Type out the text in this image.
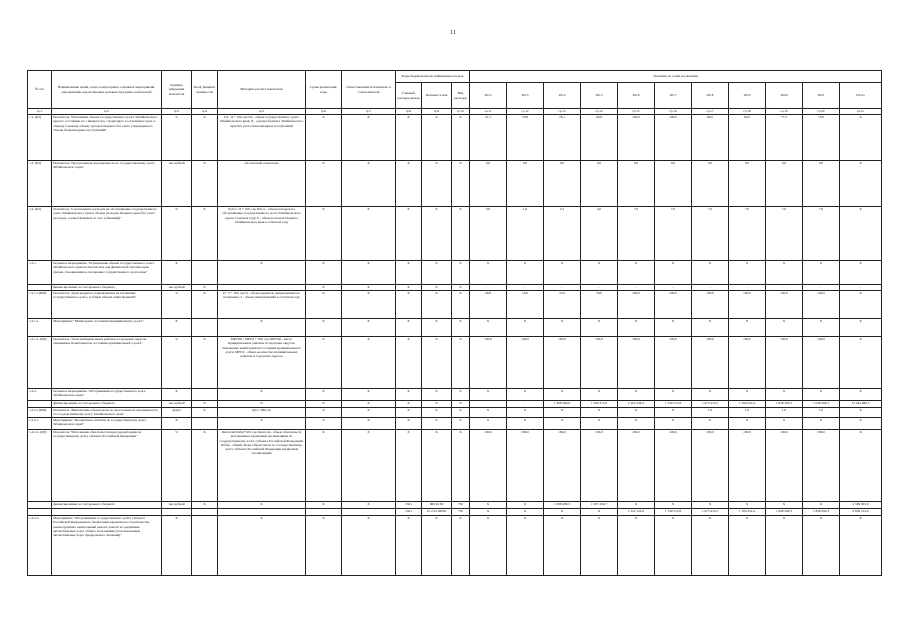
11
№ п/п	Наименование целей, задач, подпрограмм, основных мероприятий, мероприятий, ведомственных целевых программ, показателей	Единица измерения показателя	Коэф. фициент значимости	Методика расчета показателя	Сроки реализации, годы	Ответственный исполнитель и соисполнители	Коды бюджетной классификации расходов			Значения по годам реализации										
							Главный распоря-дитель	Целевая статья	Вид расходов	2012	2013	2014	2015	2016	2017	2018	2019	2020	2021	Итого
гр.1	гр.2	гр.3	гр.4	гр.5	гр.6	гр.7	гр.8	гр.9	гр.10	гр.11	гр.12	гр.13	гр.14	гр.15	гр.16	гр.17	гр.18	гр.19	гр.20	гр.21
1.1-1(П)	Показатель "Отношение объема государственного долга Забайкальского края по состоянию на 1 января года, следующего за отчетным годом, к общему годовому объему доходов бюджета без учета утвержденного объема безвозмездных поступлений"	%	Х	ГД / Д * 100, где ГД - объем государственного долга Забайкальского края; Д - доходы бюджета Забайкальского края без учета безвозмездных поступлений	Х	Х	Х	Х	Х	47,1	70,8	76,1	90,9	100,0	100,0	80,0	64,0	77,3	75,0	Х
1.2-1(П)	Показатель "Просроченная задолженность по государственному долгу Забайкальского края"	тыс.рублей	Х	абсолютный показатель	Х	Х	Х	Х	Х	0,0	0,0	0,0	0,0	0,0	0,0	0,0	0,0	0,0	0,0	Х
1.2-1(П)	Показатель "Соотношение расходов на обслуживание государственного долга Забайкальского края к объему расходов бюджета края (без учета расходов, осуществляемых за счет субвенций)"	%	Х	Робсл / Р * 100, где Робсл - объем расходов на обслуживание государственного долга Забайкальского края в отчетном году; Р - объем расходов бюджета Забайкальского края в отчетном году	Х	Х	Х	Х	Х	0,9	1,6	2,3	4,0	7,0	7,0	7,0	7,0	7,0	7,0	Х
1.2.1.	Основное мероприятие "Ограничение объема государственного долга Забайкальского края на безопасном для финансовой системы края уровне. Своевременное погашение государственного долга края"	Х		Х	Х	Х	Х	Х	Х	Х	Х	Х	Х	Х	Х	Х	Х	Х	Х	Х
	финансирование за счет краевого бюджета	тыс.рублей	Х		Х	Х	Х	Х	Х	-	-	-	-	-	-	-	-	-	-	-
1.2.1-1(ПМ)	Показатель "Доля кредитов, направленных на погашение государственного долга, в общем объеме заимствований"	%	Х	П / З * 100, где П - объем кредитов, направленных на погашение; З - объем заимствований в отчетном году	Х	Х	Х	Х	Х	40,8	16,9	37,0	78,0	100,0	100,0	100,0	100,0	100,0	100,0	Х
1.2.1.1.	Мероприятие "Мониторинг состояния муниципального долга"	Х		Х	Х	Х	Х	Х	Х	Х	Х	Х	Х	Х	Х	Х	Х	Х	Х	Х
1.2.1.1-1(М)	Показатель "Доля муниципальных районов и городских округов, охваченных мониторингом состояния муниципального долга"	%	Х	МРГОм / МРГО * 100, где МРГОм - число муниципальных районов и городских округов, охваченных мониторингом состояния муниципального долга; МРГО - общее количество муниципальных районов и городских округов	Х	Х	Х	Х	Х	100,0	100,0	100,0	100,0	100,0	100,0	100,0	100,0	100,0	100,0	Х
1.2.2.	Основное мероприятие "Обслуживание государственного долга Забайкальского края"	Х		Х	Х	Х	Х	Х	Х	Х	Х	Х	Х	Х	Х	Х	Х	Х	Х	Х
	финансирование за счет краевого бюджета	тыс.рублей	Х	Х	Х	Х	Х	Х	Х	-	-	1 298 384,9	1 509 315,9	2 102 436,2	1 749 515,8	1 673 413,5	1 184 452,4	1 848 290,3	1 048 290,3	12 444 686,5
1.2.2-1(ПМ)	Показатель "Выполнение обязательств по просроченной задолженности по государственному долгу Забайкальского края"	да/нет	Х	Дп=1 (Нп=0)	Х	Х	Х	Х	Х	Х	Х	Х	Х	Х	Х	1,0	1,0	1,0	1,0	Х
1.2.2.1.	Мероприятие "Процентные платежи по государственному долгу Забайкальского края"	Х		Х	Х	Х	Х	Х	Х	Х	Х	Х	Х	Х	Х	Х	Х	Х	Х	Х
1.2.2.1-1(М)	Показатель "Исполнение обязательств перед кредиторами по государственному долгу субъекта Российской Федерации"	%	Х	Оисполн/Ообщ*100, где Оисполн - объем обязательств исполненных кредитным организациям по государственному долгу субъекта Российской Федерации; Ообщ - общий объем обязательств по государственному долгу субъекта Российской Федерации кредитным организациям	Х	Х	Х	Х	Х	100,0	100,0	100,0	100,0	100,0	100,0	100,0	100,0	100,0	100,0	Х
	финансирование за счет краевого бюджета	тыс.рублей	Х	Х	Х	Х	1301	060 02 00	730	Х	Х	1 098 489,3	1 507 454,7	Х	Х	Х	Х	Х	Х	2 599 903,9
							1301	01 2 02 06005	730	Х	Х	Х	Х	1 522 122,6	1 749 515,8	1 673 413,5	1 184 452,4	1 848 290,3	1 848 290,3	9 836 124,9
1.2.2.2.	Мероприятие "Обслуживание государственного долга субъекта Российской Федерации по бюджетным кредитам на строительство, реконструкцию, капитальный ремонт, ремонт и содержание автомобильных дорог общего пользования (за исключением автомобильных дорог федерального значения)"	Х		Х	Х	Х	Х	Х	Х	Х	Х	Х	Х	Х	Х	Х	Х	Х	Х	Х
